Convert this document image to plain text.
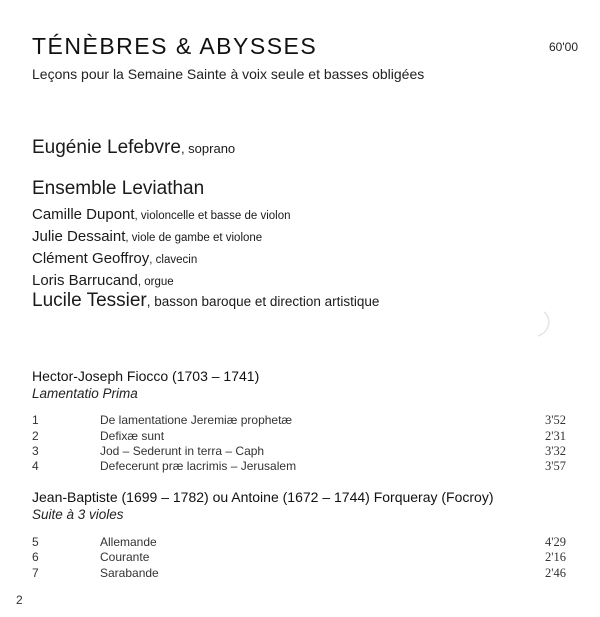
TÉNÈBRES & ABYSSES	60'00
Leçons pour la Semaine Sainte à voix seule et basses obligées
Eugénie Lefebvre, soprano
Ensemble Leviathan
Camille Dupont, violoncelle et basse de violon
Julie Dessaint, viole de gambe et violone
Clément Geoffroy, clavecin
Loris Barrucand, orgue
Lucile Tessier, basson baroque et direction artistique
Hector-Joseph Fiocco (1703 – 1741)
Lamentatio Prima
1	De lamentatione Jeremiæ prophetæ	3'52
2	Defixæ sunt	2'31
3	Jod – Sederunt in terra – Caph	3'32
4	Defecerunt præ lacrimis – Jerusalem	3'57
Jean-Baptiste (1699 – 1782) ou Antoine (1672 – 1744) Forqueray (Focroy)
Suite à 3 violes
5	Allemande	4'29
6	Courante	2'16
7	Sarabande	2'46
2
